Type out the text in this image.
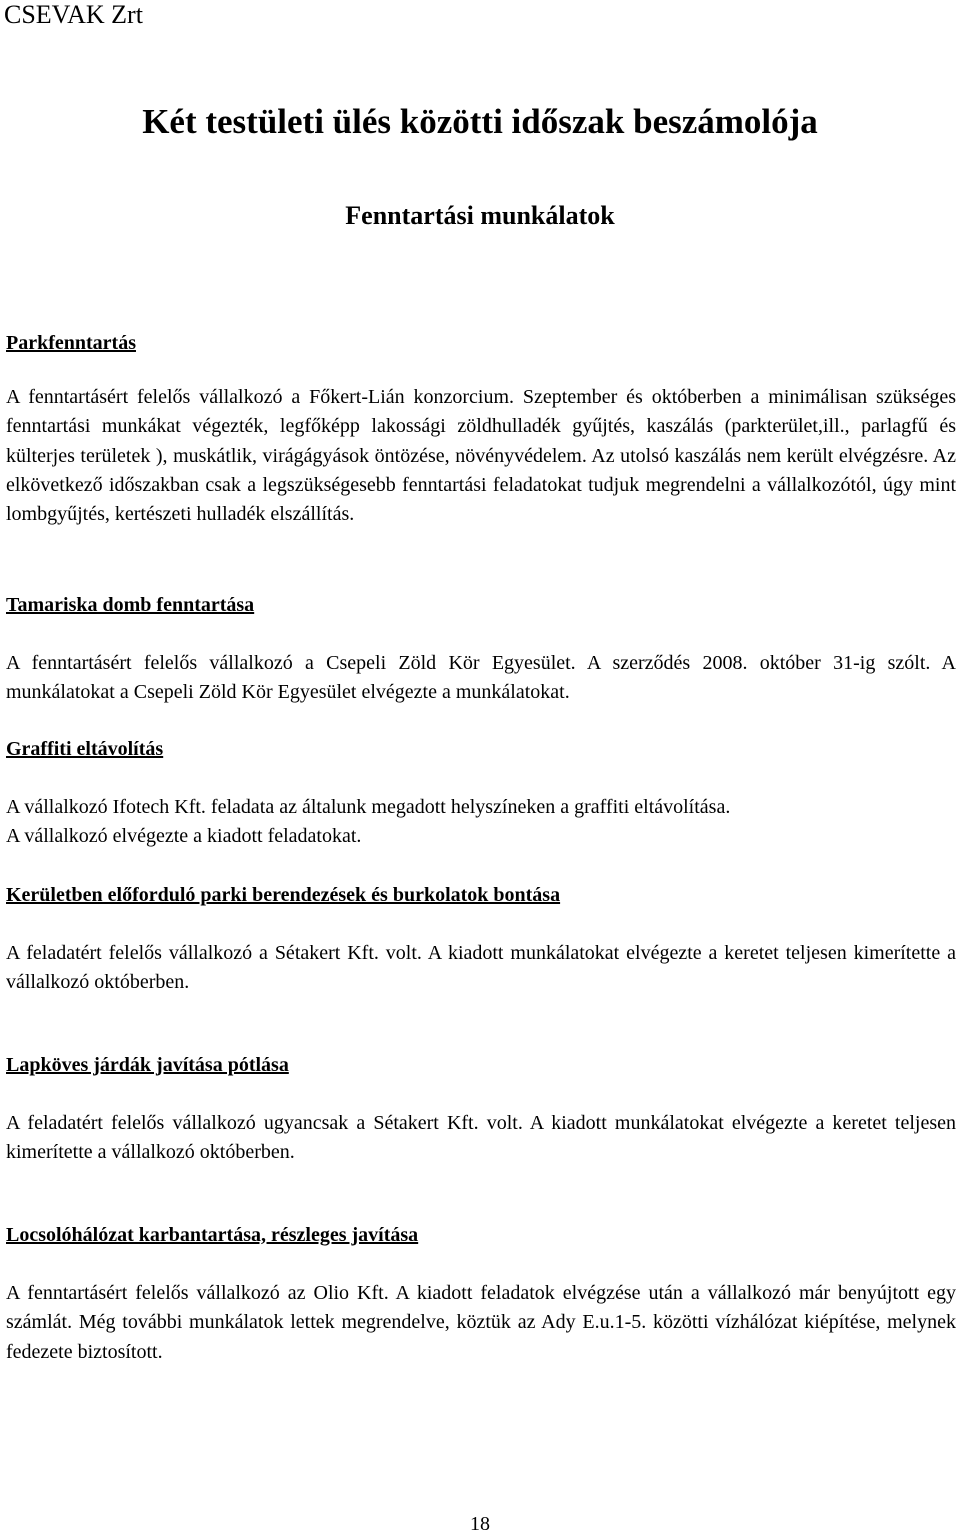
CSEVAK Zrt
Két testületi ülés közötti időszak beszámolója
Fenntartási munkálatok
Parkfenntartás

A fenntartásért felelős vállalkozó a Főkert-Lián konzorcium. Szeptember és októberben a minimálisan szükséges fenntartási munkákat végezték, legfőképp lakossági zöldhulladék gyűjtés, kaszálás (parkterület,ill., parlagfű és külterjes területek ), muskátlik, virágágyások öntözése, növényvédelem. Az utolsó kaszálás nem került elvégzésre. Az elkövetkező időszakban csak a legszükségesebb fenntartási feladatokat tudjuk megrendelni a vállalkozótól, úgy mint lombgyűjtés, kertészeti hulladék elszállítás.

Tamariska domb fenntartása

A fenntartásért felelős vállalkozó a Csepeli Zöld Kör Egyesület. A szerződés 2008. október 31-ig szólt. A munkálatokat a Csepeli Zöld Kör Egyesület elvégezte a munkálatokat.

Graffiti eltávolítás

A vállalkozó Ifotech Kft. feladata az általunk megadott helyszíneken a graffiti eltávolítása.

A vállalkozó elvégezte a kiadott feladatokat.

Kerületben előforduló parki berendezések és burkolatok bontása

A feladatért felelős vállalkozó a Sétakert Kft. volt. A kiadott munkálatokat elvégezte a keretet teljesen kimerítette a vállalkozó októberben.

Lapköves járdák javítása pótlása

A feladatért felelős vállalkozó ugyancsak a Sétakert Kft. volt. A kiadott munkálatokat elvégezte a keretet teljesen kimerítette a vállalkozó októberben.

Locsolóhálózat karbantartása, részleges javítása

A fenntartásért felelős vállalkozó az Olio Kft. A kiadott feladatok elvégzése után a vállalkozó már benyújtott egy számlát. Még további munkálatok lettek megrendelve, köztük az Ady E.u.1-5. közötti vízhálózat kiépítése, melynek fedezete biztosított.

18
